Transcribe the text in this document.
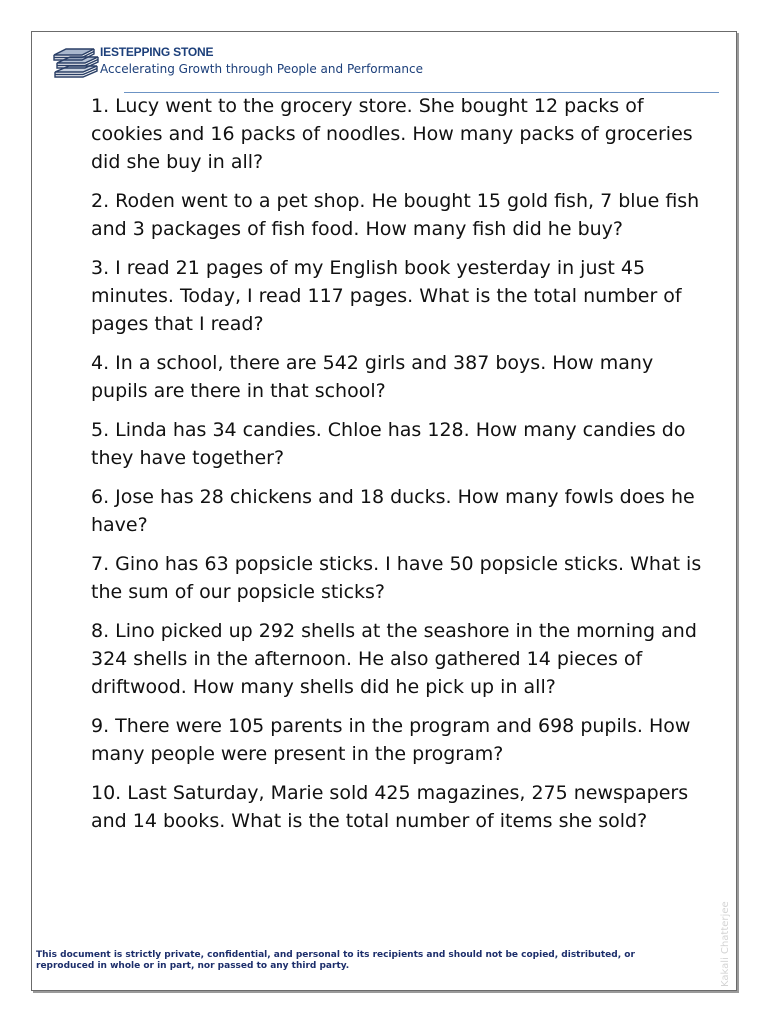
IESTEPPING STONE
Accelerating Growth through People and Performance
1. Lucy went to the grocery store. She bought 12 packs of cookies and 16 packs of noodles. How many packs of groceries did she buy in all?
2. Roden went to a pet shop. He bought 15 gold fish, 7 blue fish and 3 packages of fish food. How many fish did he buy?
3. I read 21 pages of my English book yesterday in just 45 minutes. Today, I read 117 pages. What is the total number of pages that I read?
4. In a school, there are 542 girls and 387 boys. How many pupils are there in that school?
5. Linda has 34 candies. Chloe has 128. How many candies do they have together?
6. Jose has 28 chickens and 18 ducks. How many fowls does he have?
7. Gino has 63 popsicle sticks. I have 50 popsicle sticks. What is the sum of our popsicle sticks?
8. Lino picked up 292 shells at the seashore in the morning and 324 shells in the afternoon. He also gathered 14 pieces of driftwood. How many shells did he pick up in all?
9. There were 105 parents in the program and 698 pupils. How many people were present in the program?
10. Last Saturday, Marie sold 425 magazines, 275 newspapers and 14 books. What is the total number of items she sold?
This document is strictly private, confidential, and personal to its recipients and should not be copied, distributed, or reproduced in whole or in part, nor passed to any third party.	Kakali Chatterjee
